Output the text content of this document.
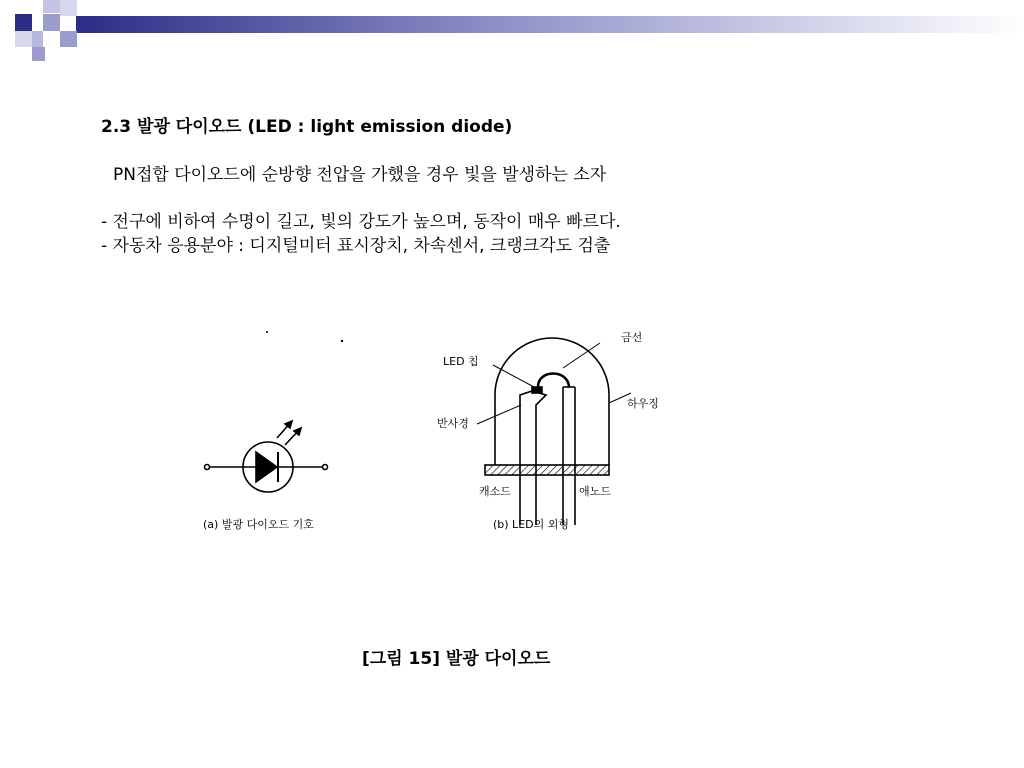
2.3 발광 다이오드 (LED : light emission diode)
PN접합 다이오드에 순방향 전압을 가했을 경우 빛을 발생하는 소자
- 전구에 비하여 수명이 길고, 빛의 강도가 높으며, 동작이 매우 빠르다.
- 자동차 응용분야 : 디지털미터 표시장치, 차속센서, 크랭크각도 검출
(a) 발광 다이오드 기호
금선
LED 칩
하우징
반사경
캐소드	애노드
(b) LED의 외형
[그림 15] 발광 다이오드
